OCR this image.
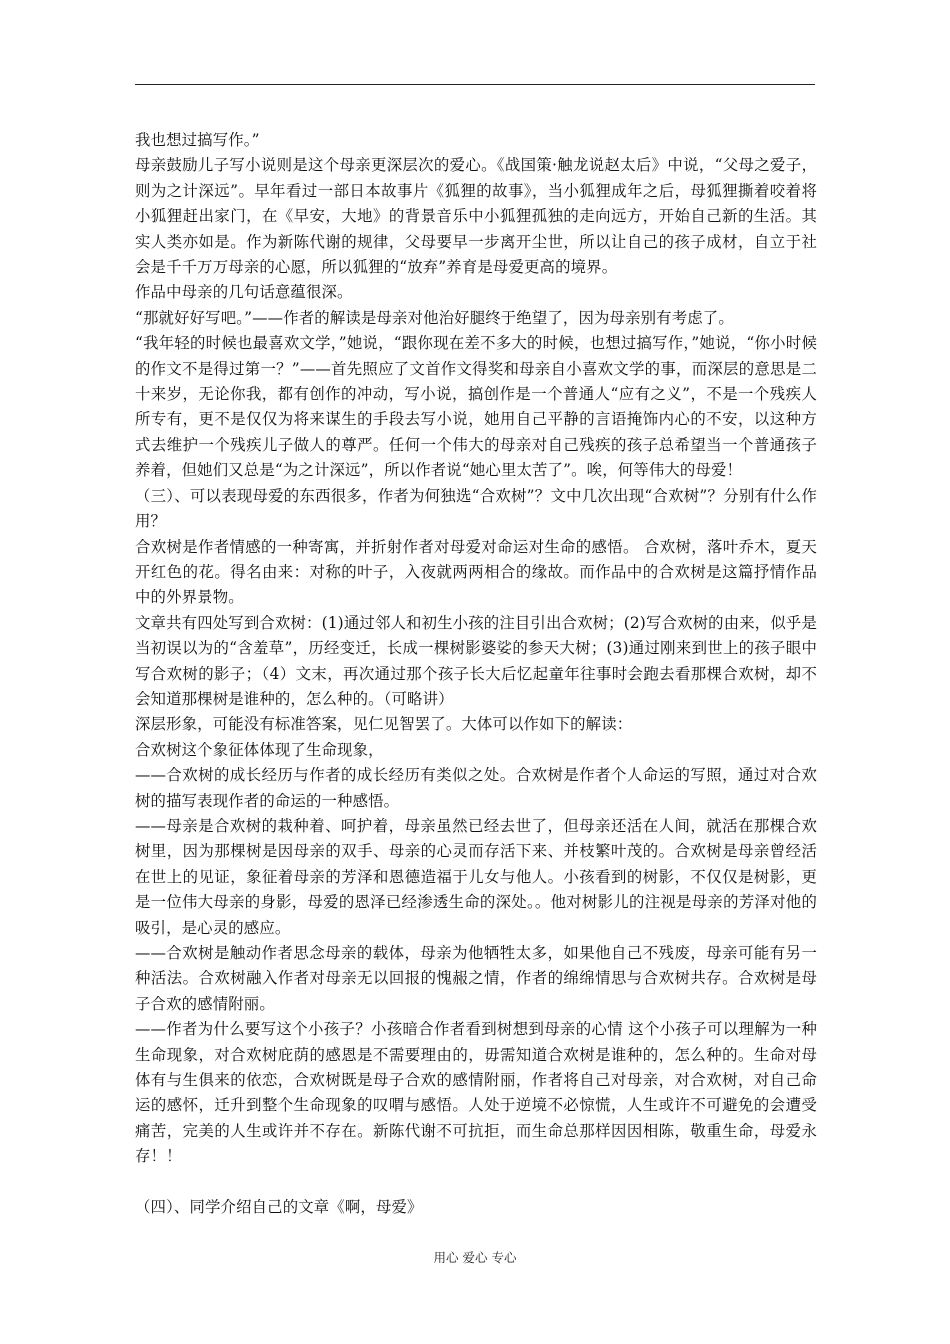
我也想过搞写作。”

母亲鼓励儿子写小说则是这个母亲更深层次的爱心。《战国策·触龙说赵太后》中说，“父母之爱子，则为之计深远”。早年看过一部日本故事片《狐狸的故事》，当小狐狸成年之后，母狐狸撕着咬着将小狐狸赶出家门，在《早安，大地》的背景音乐中小狐狸孤独的走向远方，开始自己新的生活。其实人类亦如是。作为新陈代谢的规律，父母要早一步离开尘世，所以让自己的孩子成材，自立于社会是千千万万母亲的心愿，所以狐狸的“放弃”养育是母爱更高的境界。

作品中母亲的几句话意蕴很深。

“那就好好写吧。”——作者的解读是母亲对他治好腿终于绝望了，因为母亲别有考虑了。

“我年轻的时候也最喜欢文学，”她说，“跟你现在差不多大的时候，也想过搞写作，”她说，“你小时候的作文不是得过第一？”——首先照应了文首作文得奖和母亲自小喜欢文学的事，而深层的意思是二十来岁，无论你我，都有创作的冲动，写小说，搞创作是一个普通人“应有之义”，不是一个残疾人所专有，更不是仅仅为将来谋生的手段去写小说，她用自己平静的言语掩饰内心的不安，以这种方式去维护一个残疾儿子做人的尊严。任何一个伟大的母亲对自己残疾的孩子总希望当一个普通孩子养着，但她们又总是“为之计深远”，所以作者说“她心里太苦了”。唉，何等伟大的母爱！

（三）、可以表现母爱的东西很多，作者为何独选“合欢树”？文中几次出现“合欢树”？分别有什么作用？

合欢树是作者情感的一种寄寓，并折射作者对母爱对命运对生命的感悟。 合欢树，落叶乔木，夏天开红色的花。得名由来：对称的叶子，入夜就两两相合的缘故。而作品中的合欢树是这篇抒情作品中的外界景物。

文章共有四处写到合欢树：(1)通过邻人和初生小孩的注目引出合欢树；(2)写合欢树的由来，似乎是当初误以为的“含羞草”，历经变迁，长成一棵树影婆娑的参天大树；(3)通过刚来到世上的孩子眼中写合欢树的影子；（4）文末，再次通过那个孩子长大后忆起童年往事时会跑去看那棵合欢树，却不会知道那棵树是谁种的，怎么种的。（可略讲）

深层形象，可能没有标准答案，见仁见智罢了。大体可以作如下的解读：

合欢树这个象征体体现了生命现象，

——合欢树的成长经历与作者的成长经历有类似之处。合欢树是作者个人命运的写照，通过对合欢树的描写表现作者的命运的一种感悟。

——母亲是合欢树的栽种着、呵护着，母亲虽然已经去世了，但母亲还活在人间，就活在那棵合欢树里，因为那棵树是因母亲的双手、母亲的心灵而存活下来、并枝繁叶茂的。合欢树是母亲曾经活在世上的见证，象征着母亲的芳泽和恩德造福于儿女与他人。小孩看到的树影，不仅仅是树影，更是一位伟大母亲的身影，母爱的恩泽已经渗透生命的深处。。他对树影儿的注视是母亲的芳泽对他的吸引，是心灵的感应。

——合欢树是触动作者思念母亲的载体，母亲为他牺牲太多，如果他自己不残废，母亲可能有另一种活法。合欢树融入作者对母亲无以回报的愧赧之情，作者的绵绵情思与合欢树共存。合欢树是母子合欢的感情附丽。

——作者为什么要写这个小孩子？小孩暗合作者看到树想到母亲的心情 这个小孩子可以理解为一种生命现象，对合欢树庇荫的感恩是不需要理由的，毋需知道合欢树是谁种的，怎么种的。生命对母体有与生俱来的依恋，合欢树既是母子合欢的感情附丽，作者将自己对母亲，对合欢树，对自己命运的感怀，迁升到整个生命现象的叹喟与感悟。人处于逆境不必惊慌，人生或许不可避免的会遭受痛苦，完美的人生或许并不存在。新陈代谢不可抗拒，而生命总那样因因相陈，敬重生命，母爱永存！！

（四）、同学介绍自己的文章《啊，母爱》

用心 爱心 专心
